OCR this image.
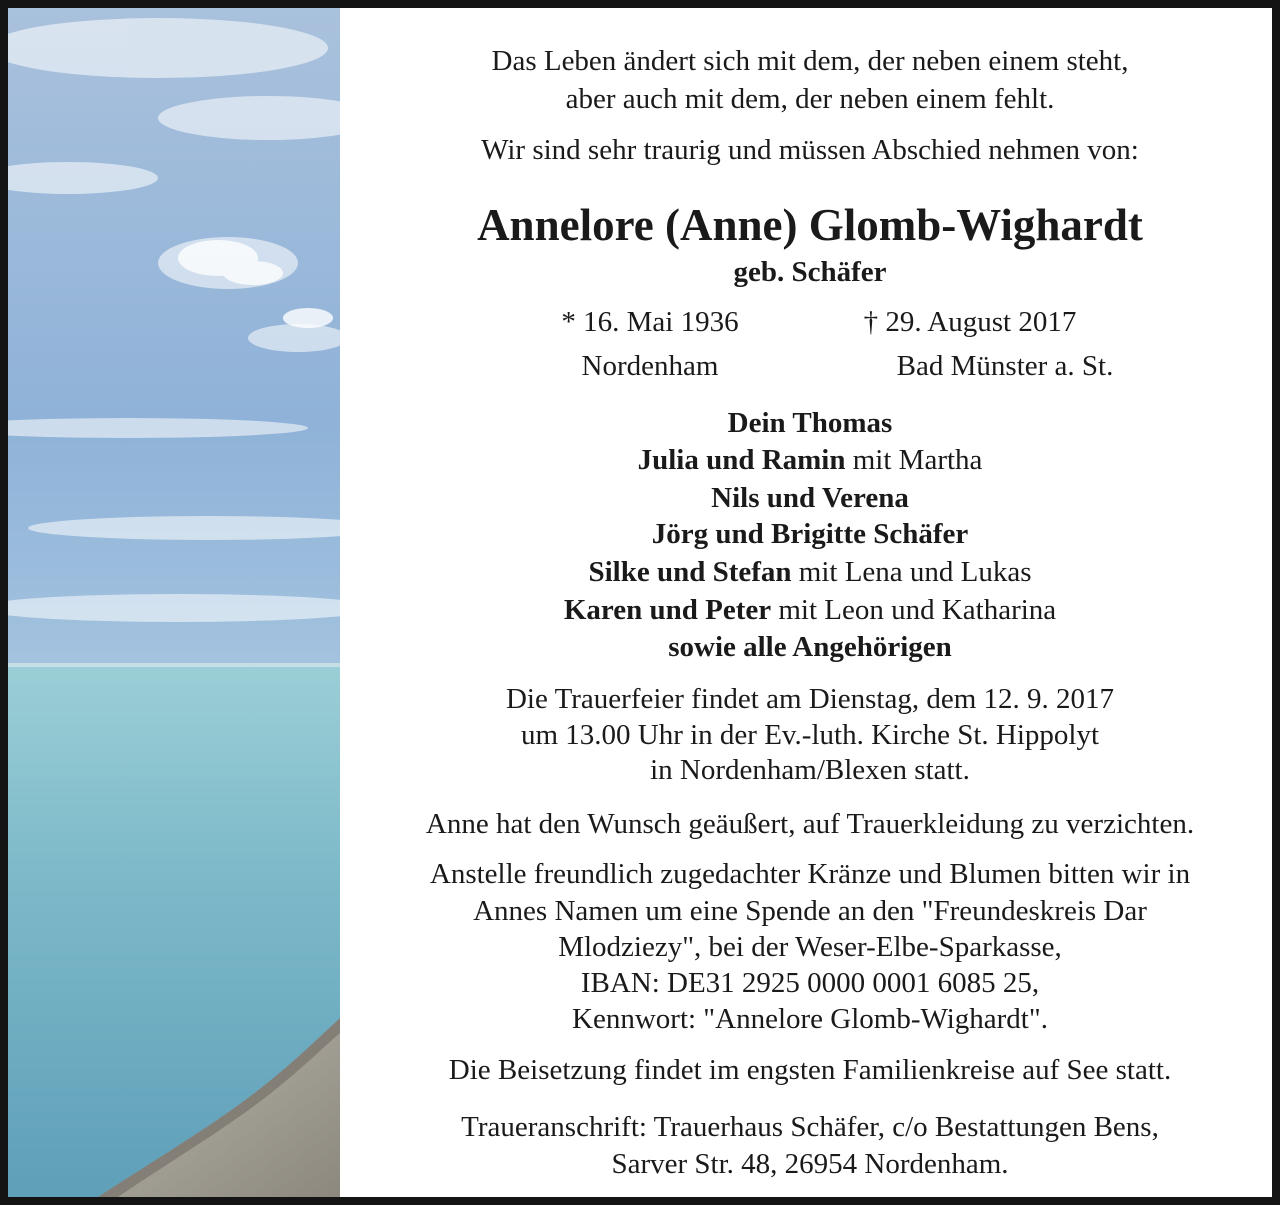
Das Leben ändert sich mit dem, der neben einem steht,
aber auch mit dem, der neben einem fehlt.
Wir sind sehr traurig und müssen Abschied nehmen von:
Annelore (Anne) Glomb-Wighardt
geb. Schäfer
* 16. Mai 1936	† 29. August 2017
Nordenham	Bad Münster a. St.
Dein Thomas
Julia und Ramin mit Martha
Nils und Verena
Jörg und Brigitte Schäfer
Silke und Stefan mit Lena und Lukas
Karen und Peter mit Leon und Katharina
sowie alle Angehörigen
Die Trauerfeier findet am Dienstag, dem 12. 9. 2017
um 13.00 Uhr in der Ev.-luth. Kirche St. Hippolyt
in Nordenham/Blexen statt.
Anne hat den Wunsch geäußert, auf Trauerkleidung zu verzichten.
Anstelle freundlich zugedachter Kränze und Blumen bitten wir in
Annes Namen um eine Spende an den "Freundeskreis Dar
Mlodziezy", bei der Weser-Elbe-Sparkasse,
IBAN: DE31 2925 0000 0001 6085 25,
Kennwort: "Annelore Glomb-Wighardt".
Die Beisetzung findet im engsten Familienkreise auf See statt.
Traueranschrift: Trauerhaus Schäfer, c/o Bestattungen Bens,
Sarver Str. 48, 26954 Nordenham.
